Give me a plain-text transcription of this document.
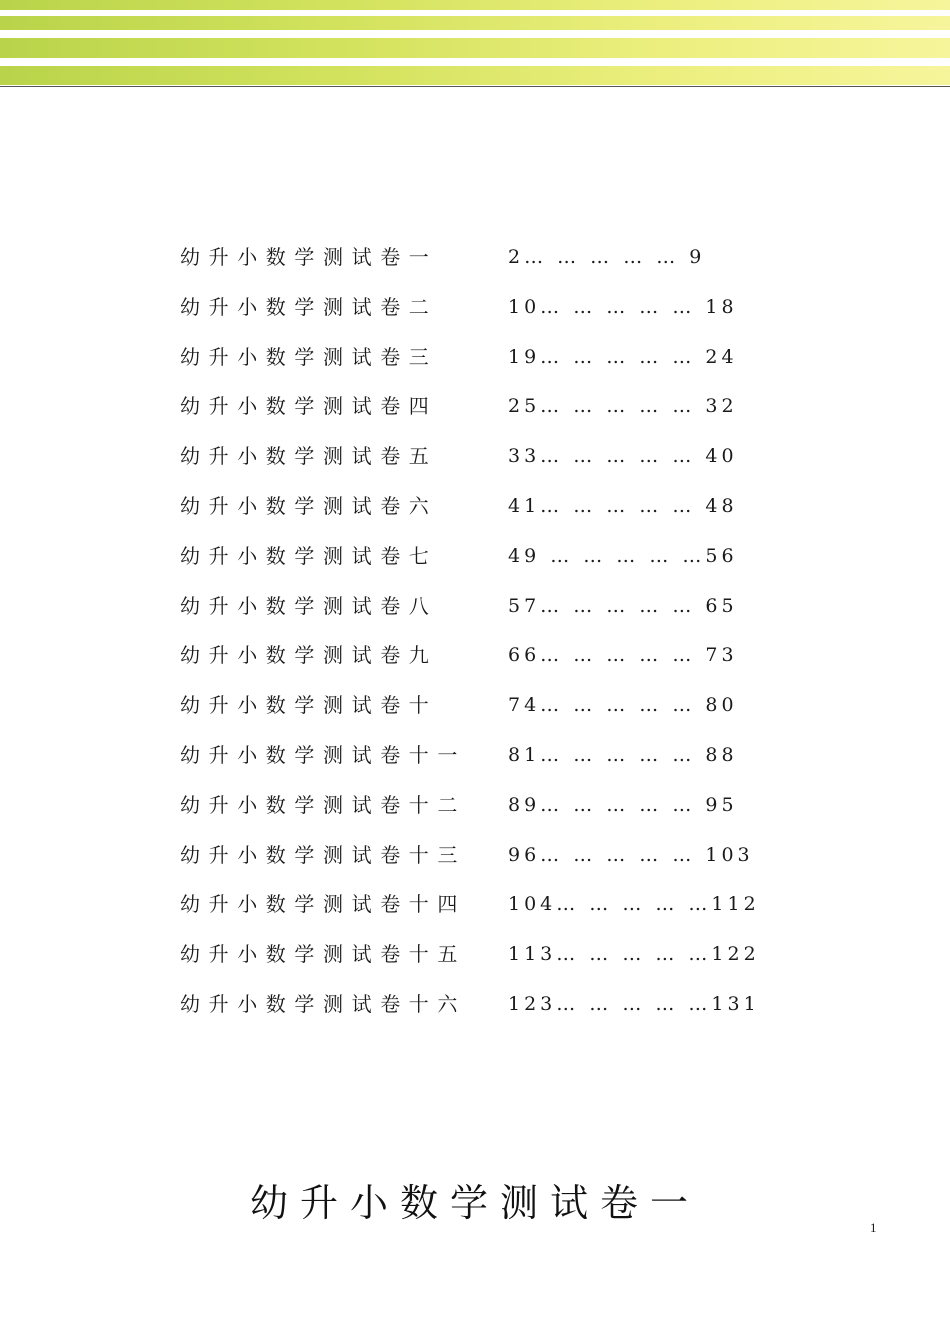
幼升小数学测试卷一	2… … … … … 9
幼升小数学测试卷二	10… … … … … 18
幼升小数学测试卷三	19… … … … … 24
幼升小数学测试卷四	25… … … … … 32
幼升小数学测试卷五	33… … … … … 40
幼升小数学测试卷六	41… … … … … 48
幼升小数学测试卷七	49 … … … … …56
幼升小数学测试卷八	57… … … … … 65
幼升小数学测试卷九	66… … … … … 73
幼升小数学测试卷十	74… … … … … 80
幼升小数学测试卷十一 81… … … … … 88
幼升小数学测试卷十二 89… … … … … 95
幼升小数学测试卷十三 96… … … … … 103
幼升小数学测试卷十四 104… … … … …112
幼升小数学测试卷十五 113… … … … …122
幼升小数学测试卷十六 123… … … … …131
幼升小数学测试卷一
1
